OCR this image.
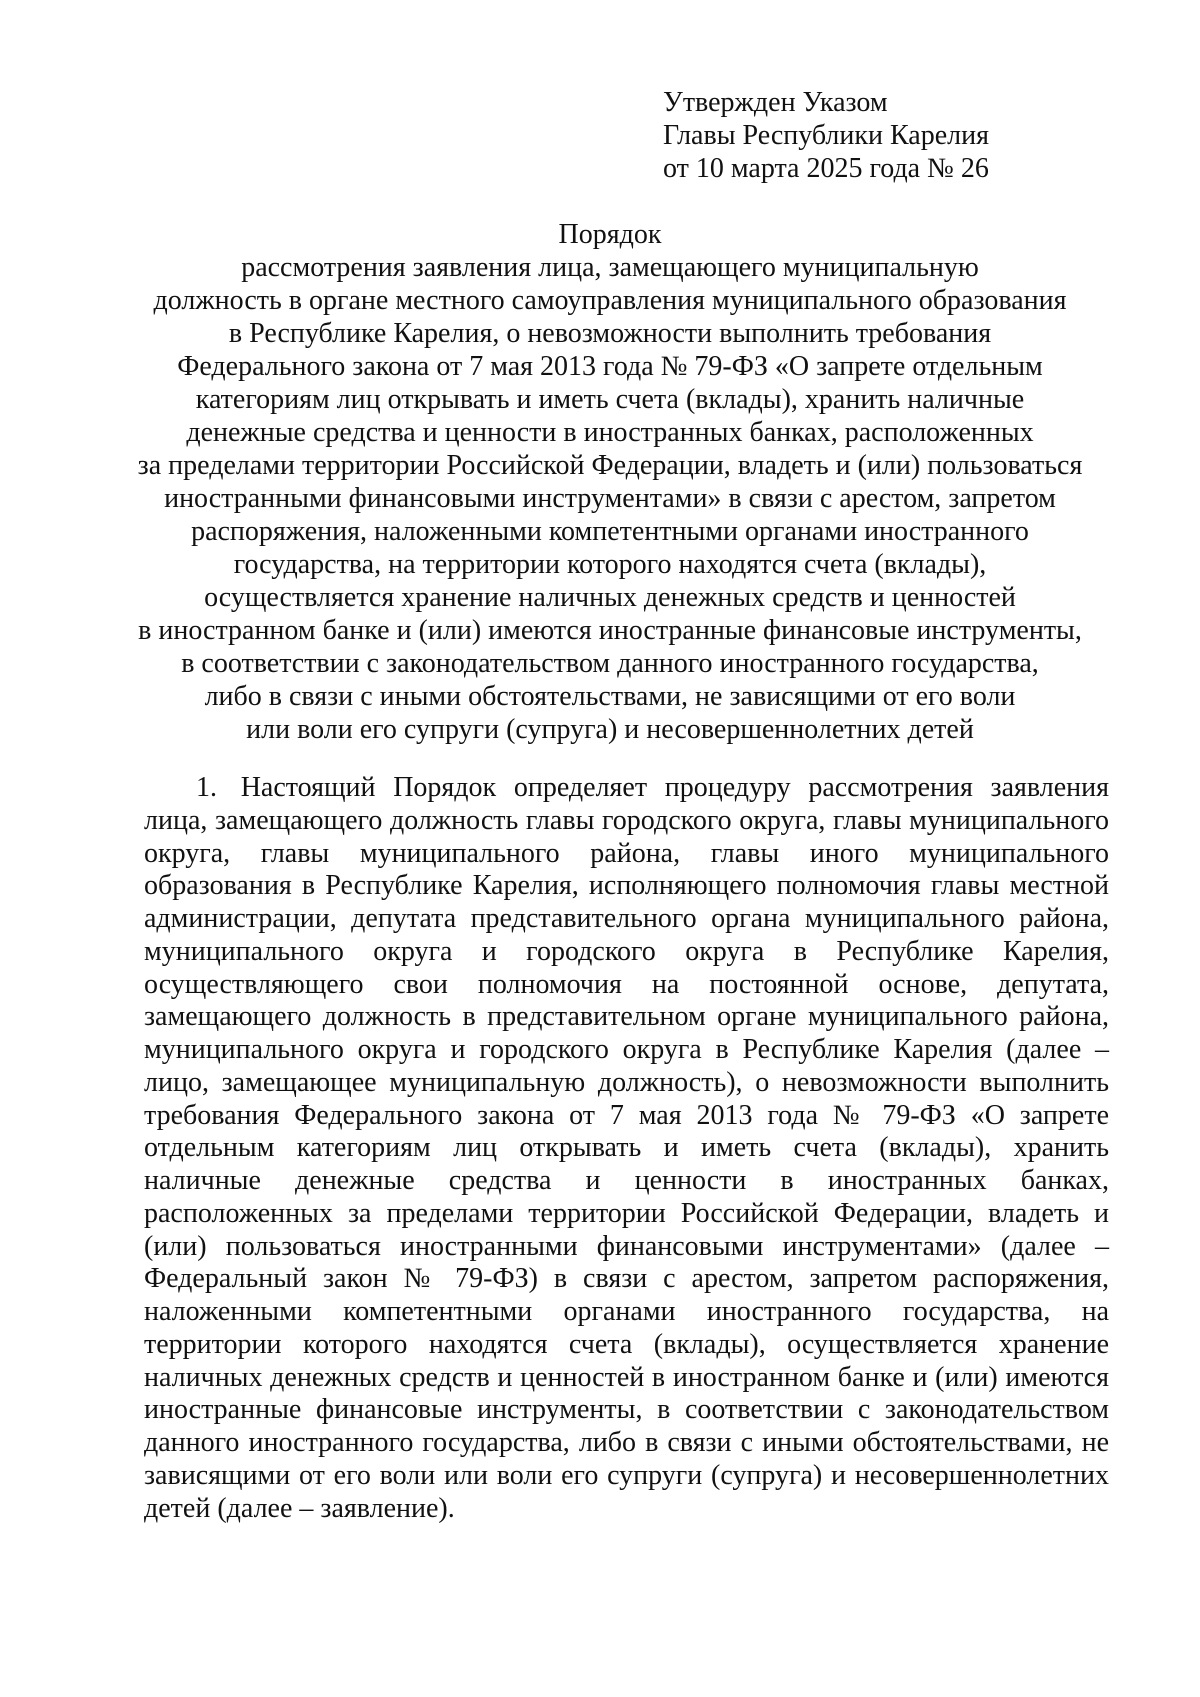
Утвержден Указом
Главы Республики Карелия
от 10 марта 2025 года № 26
Порядок
рассмотрения заявления лица, замещающего муниципальную
должность в органе местного самоуправления муниципального образования
в Республике Карелия, о невозможности выполнить требования
Федерального закона от 7 мая 2013 года № 79-ФЗ «О запрете отдельным
категориям лиц открывать и иметь счета (вклады), хранить наличные
денежные средства и ценности в иностранных банках, расположенных
за пределами территории Российской Федерации, владеть и (или) пользоваться
иностранными финансовыми инструментами» в связи с арестом, запретом
распоряжения, наложенными компетентными органами иностранного
государства, на территории которого находятся счета (вклады),
осуществляется хранение наличных денежных средств и ценностей
в иностранном банке и (или) имеются иностранные финансовые инструменты,
в соответствии с законодательством данного иностранного государства,
либо в связи с иными обстоятельствами, не зависящими от его воли
или воли его супруги (супруга) и несовершеннолетних детей
1. Настоящий Порядок определяет процедуру рассмотрения заявления лица, замещающего должность главы городского округа, главы муниципального округа, главы муниципального района, главы иного муниципального образования в Республике Карелия, исполняющего полномочия главы местной администрации, депутата представительного органа муниципального района, муниципального округа и городского округа в Республике Карелия, осуществляющего свои полномочия на постоянной основе, депутата, замещающего должность в представительном органе муниципального района, муниципального округа и городского округа в Республике Карелия (далее – лицо, замещающее муниципальную должность), о невозможности выполнить требования Федерального закона от 7 мая 2013 года № 79-ФЗ «О запрете отдельным категориям лиц открывать и иметь счета (вклады), хранить наличные денежные средства и ценности в иностранных банках, расположенных за пределами территории Российской Федерации, владеть и (или) пользоваться иностранными финансовыми инструментами» (далее – Федеральный закон № 79-ФЗ) в связи с арестом, запретом распоряжения, наложенными компетентными органами иностранного государства, на территории которого находятся счета (вклады), осуществляется хранение наличных денежных средств и ценностей в иностранном банке и (или) имеются иностранные финансовые инструменты, в соответствии с законодательством данного иностранного государства, либо в связи с иными обстоятельствами, не зависящими от его воли или воли его супруги (супруга) и несовершеннолетних детей (далее – заявление).
